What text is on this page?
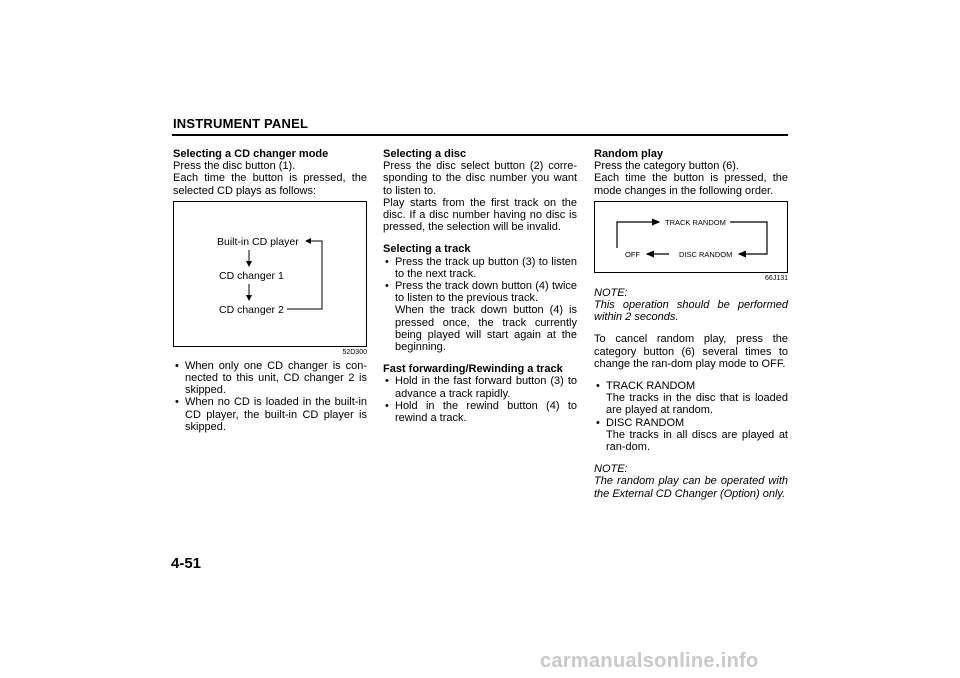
INSTRUMENT PANEL
Selecting a CD changer mode
Press the disc button (1).
Each time the button is pressed, the selected CD plays as follows:
Built-in CD player
CD changer 1
CD changer 2
52D300
• When only one CD changer is con-nected to this unit, CD changer 2 is skipped.
• When no CD is loaded in the built-in CD player, the built-in CD player is skipped.
Selecting a disc
Press the disc select button (2) corre-sponding to the disc number you want to listen to.
Play starts from the first track on the disc. If a disc number having no disc is pressed, the selection will be invalid.
Selecting a track
• Press the track up button (3) to listen to the next track.
• Press the track down button (4) twice to listen to the previous track.
When the track down button (4) is pressed once, the track currently being played will start again at the beginning.
Fast forwarding/Rewinding a track
• Hold in the fast forward button (3) to advance a track rapidly.
• Hold in the rewind button (4) to rewind a track.
Random play
Press the category button (6).
Each time the button is pressed, the mode changes in the following order.
TRACK RANDOM
OFF	DISC RANDOM
66J131
NOTE:
This operation should be performed within 2 seconds.
To cancel random play, press the category button (6) several times to change the ran-dom play mode to OFF.
• TRACK RANDOM
The tracks in the disc that is loaded are played at random.
• DISC RANDOM
The tracks in all discs are played at ran-dom.
NOTE:
The random play can be operated with the External CD Changer (Option) only.
4-51
carmanualsonline.info
